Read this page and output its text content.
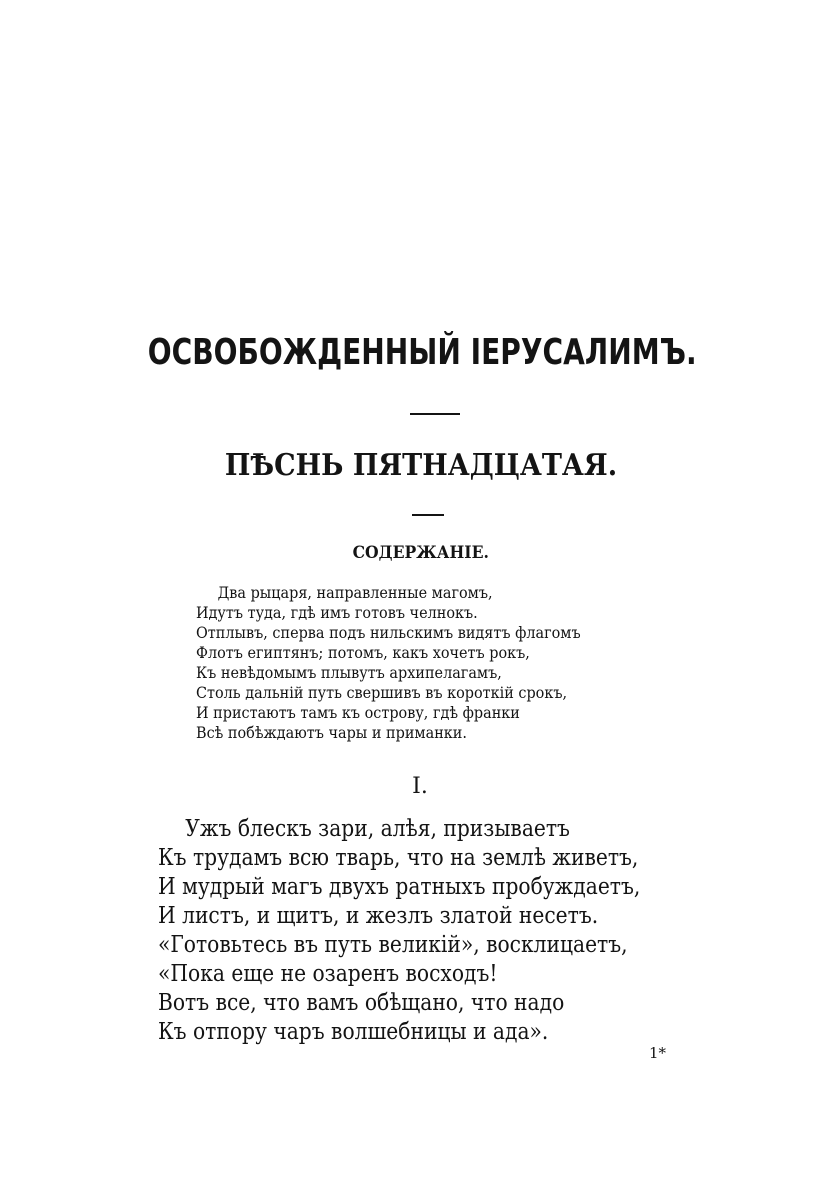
ОСВОБОЖДЕННЫЙ ІЕРУСАЛИМЪ.
ПѢСНЬ ПЯТНАДЦАТАЯ.
СОДЕРЖАНІЕ.
Два рыцаря, направленные магомъ,
Идутъ туда, гдѣ имъ готовъ челнокъ.
Отплывъ, сперва подъ нильскимъ видятъ флагомъ
Флотъ египтянъ; потомъ, какъ хочетъ рокъ,
Къ невѣдомымъ плывутъ архипелагамъ,
Столь дальній путь свершивъ въ короткій срокъ,
И пристаютъ тамъ къ острову, гдѣ франки
Всѣ побѣждаютъ чары и приманки.
I.
Ужъ блескъ зари, алѣя, призываетъ
Къ трудамъ всю тварь, что на землѣ живетъ,
И мудрый магъ двухъ ратныхъ пробуждаетъ,
И листъ, и щитъ, и жезлъ златой несетъ.
«Готовьтесь въ путь великій», восклицаетъ,
«Пока еще не озаренъ восходъ!
Вотъ все, что вамъ обѣщано, что надо
Къ отпору чаръ волшебницы и ада».
1*
